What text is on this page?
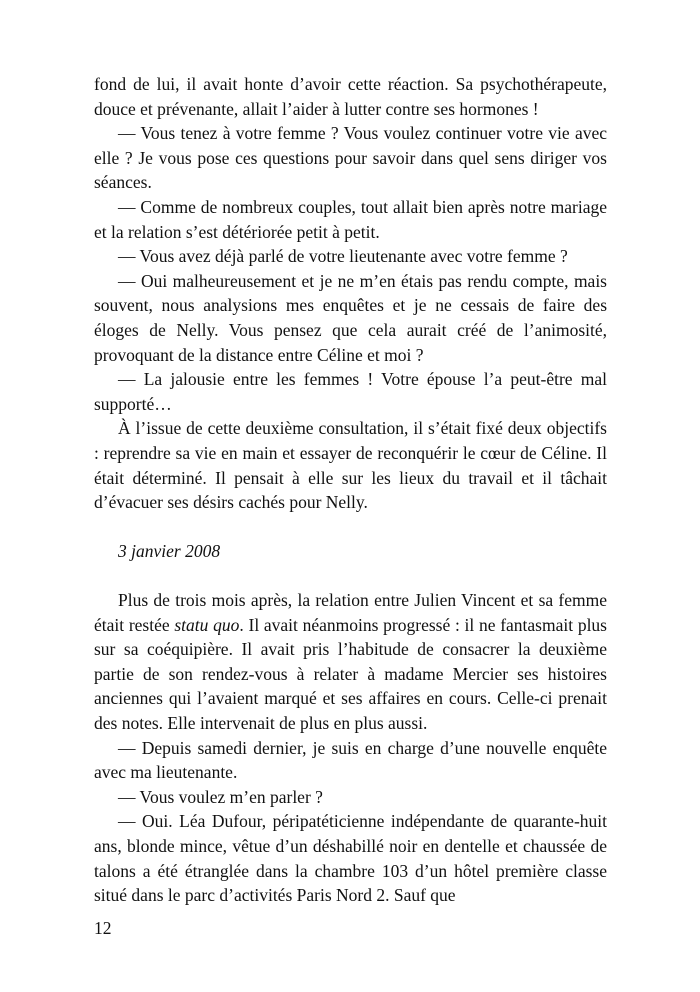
fond de lui, il avait honte d’avoir cette réaction. Sa psychothérapeute, douce et prévenante, allait l’aider à lutter contre ses hormones !

— Vous tenez à votre femme ? Vous voulez continuer votre vie avec elle ? Je vous pose ces questions pour savoir dans quel sens diriger vos séances.

— Comme de nombreux couples, tout allait bien après notre mariage et la relation s’est détériorée petit à petit.

— Vous avez déjà parlé de votre lieutenante avec votre femme ?

— Oui malheureusement et je ne m’en étais pas rendu compte, mais souvent, nous analysions mes enquêtes et je ne cessais de faire des éloges de Nelly. Vous pensez que cela aurait créé de l’animosité, provoquant de la distance entre Céline et moi ?

— La jalousie entre les femmes ! Votre épouse l’a peut-être mal supporté…

À l’issue de cette deuxième consultation, il s’était fixé deux objectifs : reprendre sa vie en main et essayer de reconquérir le cœur de Céline. Il était déterminé. Il pensait à elle sur les lieux du travail et il tâchait d’évacuer ses désirs cachés pour Nelly.

3 janvier 2008

Plus de trois mois après, la relation entre Julien Vincent et sa femme était restée statu quo. Il avait néanmoins progressé : il ne fantasmait plus sur sa coéquipière. Il avait pris l’habitude de consacrer la deuxième partie de son rendez-vous à relater à madame Mercier ses histoires anciennes qui l’avaient marqué et ses affaires en cours. Celle-ci prenait des notes. Elle intervenait de plus en plus aussi.

— Depuis samedi dernier, je suis en charge d’une nouvelle enquête avec ma lieutenante.

— Vous voulez m’en parler ?

— Oui. Léa Dufour, péripatéticienne indépendante de quarante-huit ans, blonde mince, vêtue d’un déshabillé noir en dentelle et chaussée de talons a été étranglée dans la chambre 103 d’un hôtel première classe situé dans le parc d’activités Paris Nord 2. Sauf que

12
